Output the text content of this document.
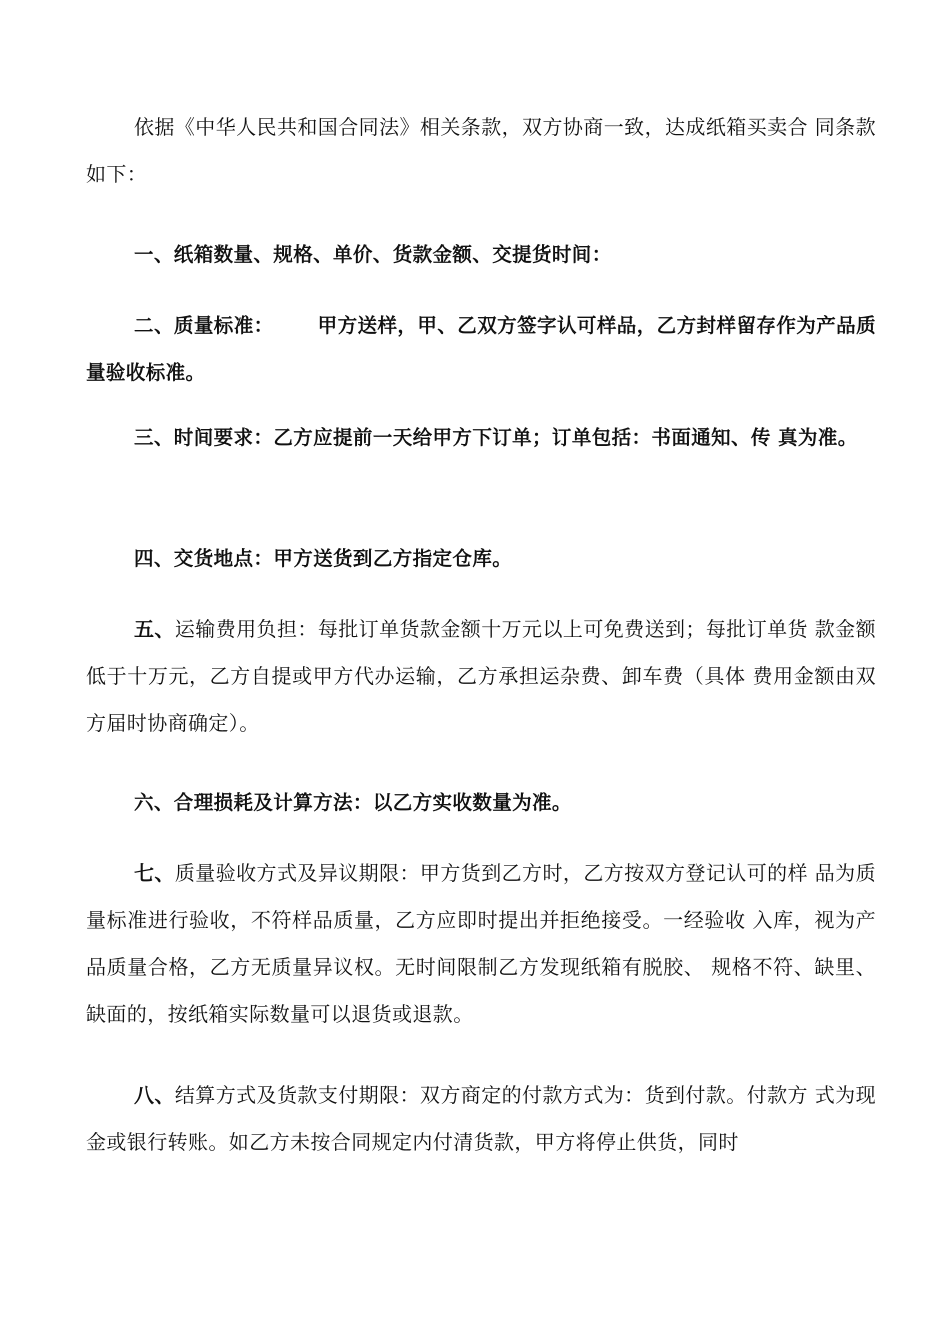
依据《中华人民共和国合同法》相关条款，双方协商一致，达成纸箱买卖合 同条款如下：

一、纸箱数量、规格、单价、货款金额、交提货时间：

二、质量标准： 甲方送样，甲、乙双方签字认可样品，乙方封样留存作为产品质量验收标准。

三、时间要求：乙方应提前一天给甲方下订单；订单包括：书面通知、传 真为准。

四、交货地点：甲方送货到乙方指定仓库。

五、运输费用负担：每批订单货款金额十万元以上可免费送到；每批订单货 款金额低于十万元，乙方自提或甲方代办运输，乙方承担运杂费、卸车费（具体 费用金额由双方届时协商确定）。

六、合理损耗及计算方法：以乙方实收数量为准。

七、质量验收方式及异议期限：甲方货到乙方时，乙方按双方登记认可的样 品为质量标准进行验收，不符样品质量，乙方应即时提出并拒绝接受。一经验收 入库，视为产品质量合格，乙方无质量异议权。无时间限制乙方发现纸箱有脱胶、 规格不符、缺里、缺面的，按纸箱实际数量可以退货或退款。

八、结算方式及货款支付期限：双方商定的付款方式为：货到付款。付款方 式为现金或银行转账。如乙方未按合同规定内付清货款，甲方将停止供货，同时
